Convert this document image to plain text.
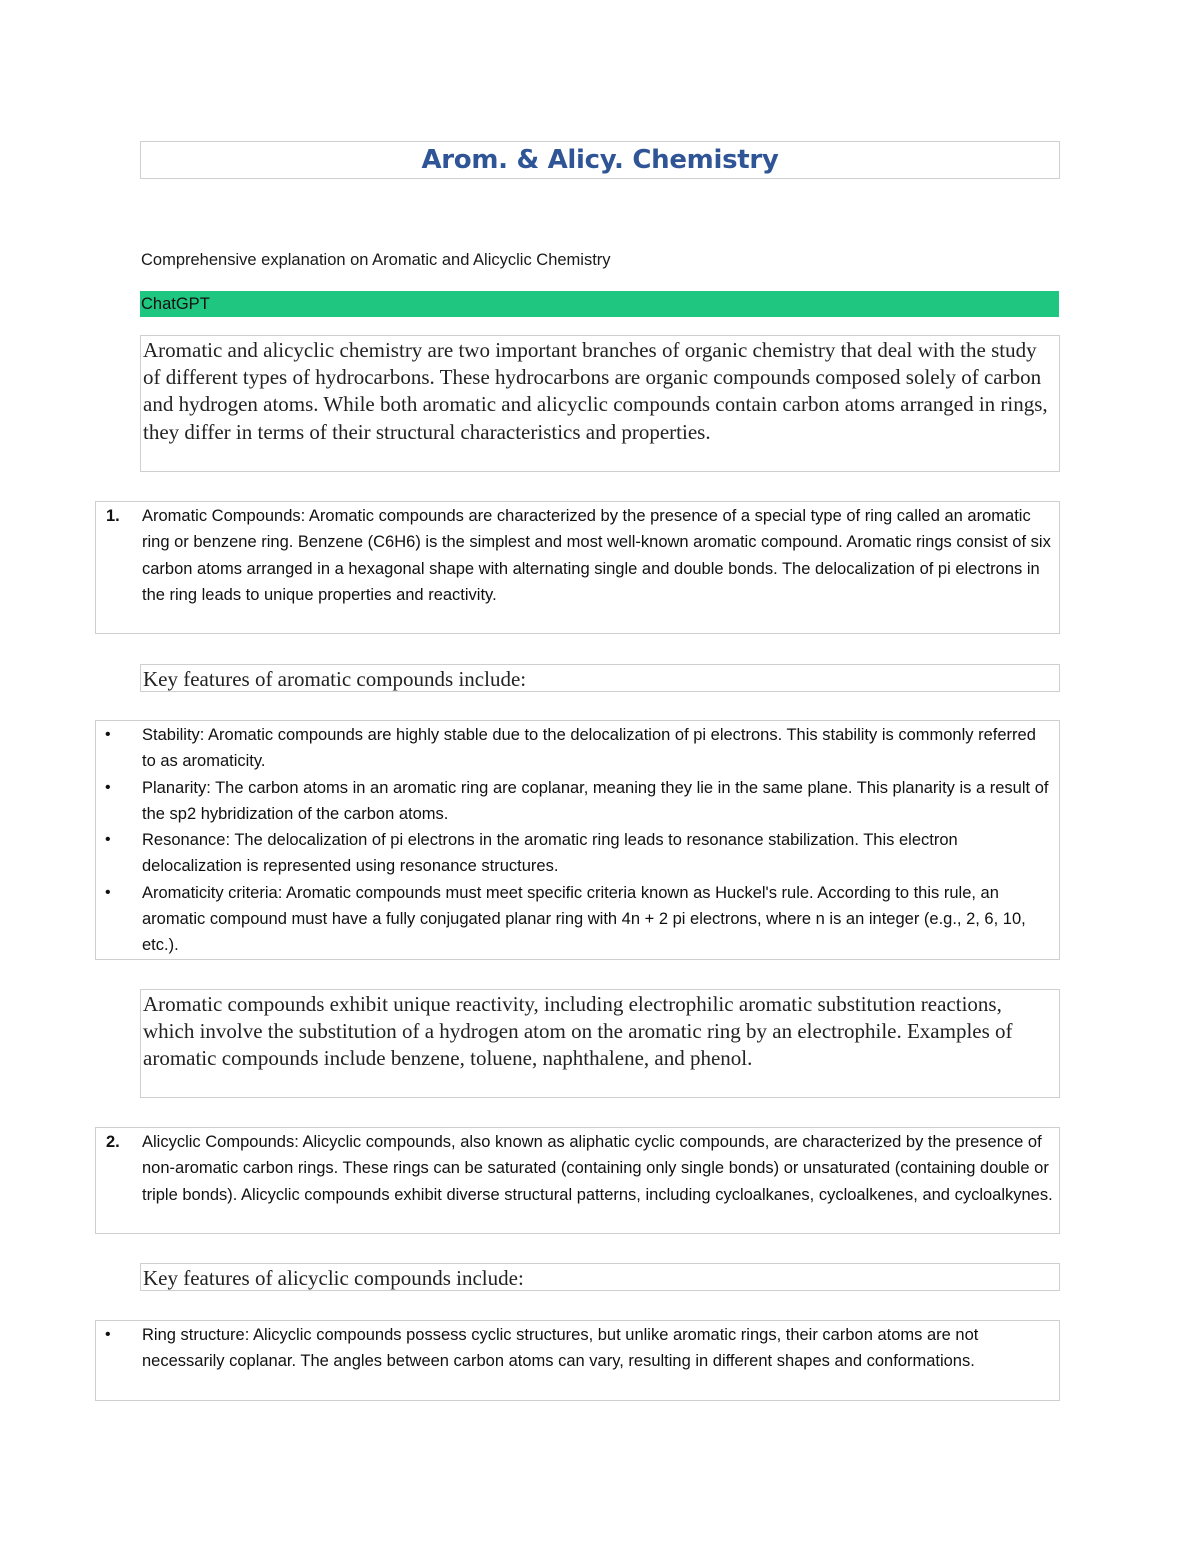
Arom. & Alicy. Chemistry
Comprehensive explanation on Aromatic and Alicyclic Chemistry
ChatGPT
Aromatic and alicyclic chemistry are two important branches of organic chemistry that deal with the study of different types of hydrocarbons. These hydrocarbons are organic compounds composed solely of carbon and hydrogen atoms. While both aromatic and alicyclic compounds contain carbon atoms arranged in rings, they differ in terms of their structural characteristics and properties.
1. Aromatic Compounds: Aromatic compounds are characterized by the presence of a special type of ring called an aromatic ring or benzene ring. Benzene (C6H6) is the simplest and most well-known aromatic compound. Aromatic rings consist of six carbon atoms arranged in a hexagonal shape with alternating single and double bonds. The delocalization of pi electrons in the ring leads to unique properties and reactivity.
Key features of aromatic compounds include:
• Stability: Aromatic compounds are highly stable due to the delocalization of pi electrons. This stability is commonly referred to as aromaticity.
• Planarity: The carbon atoms in an aromatic ring are coplanar, meaning they lie in the same plane. This planarity is a result of the sp2 hybridization of the carbon atoms.
• Resonance: The delocalization of pi electrons in the aromatic ring leads to resonance stabilization. This electron delocalization is represented using resonance structures.
• Aromaticity criteria: Aromatic compounds must meet specific criteria known as Huckel's rule. According to this rule, an aromatic compound must have a fully conjugated planar ring with 4n + 2 pi electrons, where n is an integer (e.g., 2, 6, 10, etc.).
Aromatic compounds exhibit unique reactivity, including electrophilic aromatic substitution reactions, which involve the substitution of a hydrogen atom on the aromatic ring by an electrophile. Examples of aromatic compounds include benzene, toluene, naphthalene, and phenol.
2. Alicyclic Compounds: Alicyclic compounds, also known as aliphatic cyclic compounds, are characterized by the presence of non-aromatic carbon rings. These rings can be saturated (containing only single bonds) or unsaturated (containing double or triple bonds). Alicyclic compounds exhibit diverse structural patterns, including cycloalkanes, cycloalkenes, and cycloalkynes.
Key features of alicyclic compounds include:
• Ring structure: Alicyclic compounds possess cyclic structures, but unlike aromatic rings, their carbon atoms are not necessarily coplanar. The angles between carbon atoms can vary, resulting in different shapes and conformations.
